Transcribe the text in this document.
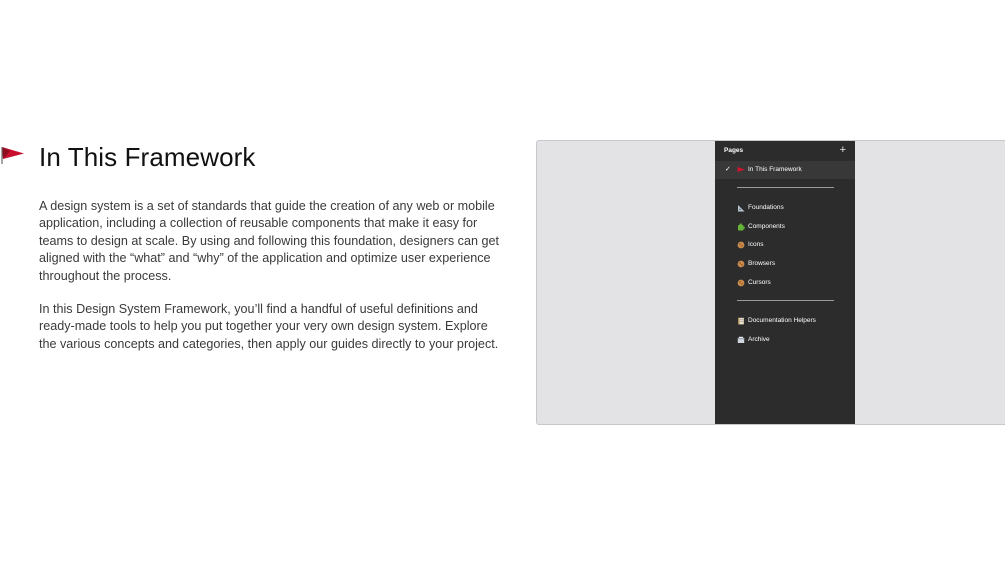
In This Framework

A design system is a set of standards that guide the creation of any web or mobile application, including a collection of reusable components that make it easy for teams to design at scale. By using and following this foundation, designers can get aligned with the “what” and “why” of the application and optimize user experience throughout the process.

In this Design System Framework, you’ll find a handful of useful definitions and ready-made tools to help you put together your very own design system. Explore the various concepts and categories, then apply our guides directly to your project.

Pages	+
✓	In This Framework
Foundations
Components
Icons
Browsers
Cursors
Documentation Helpers
Archive
